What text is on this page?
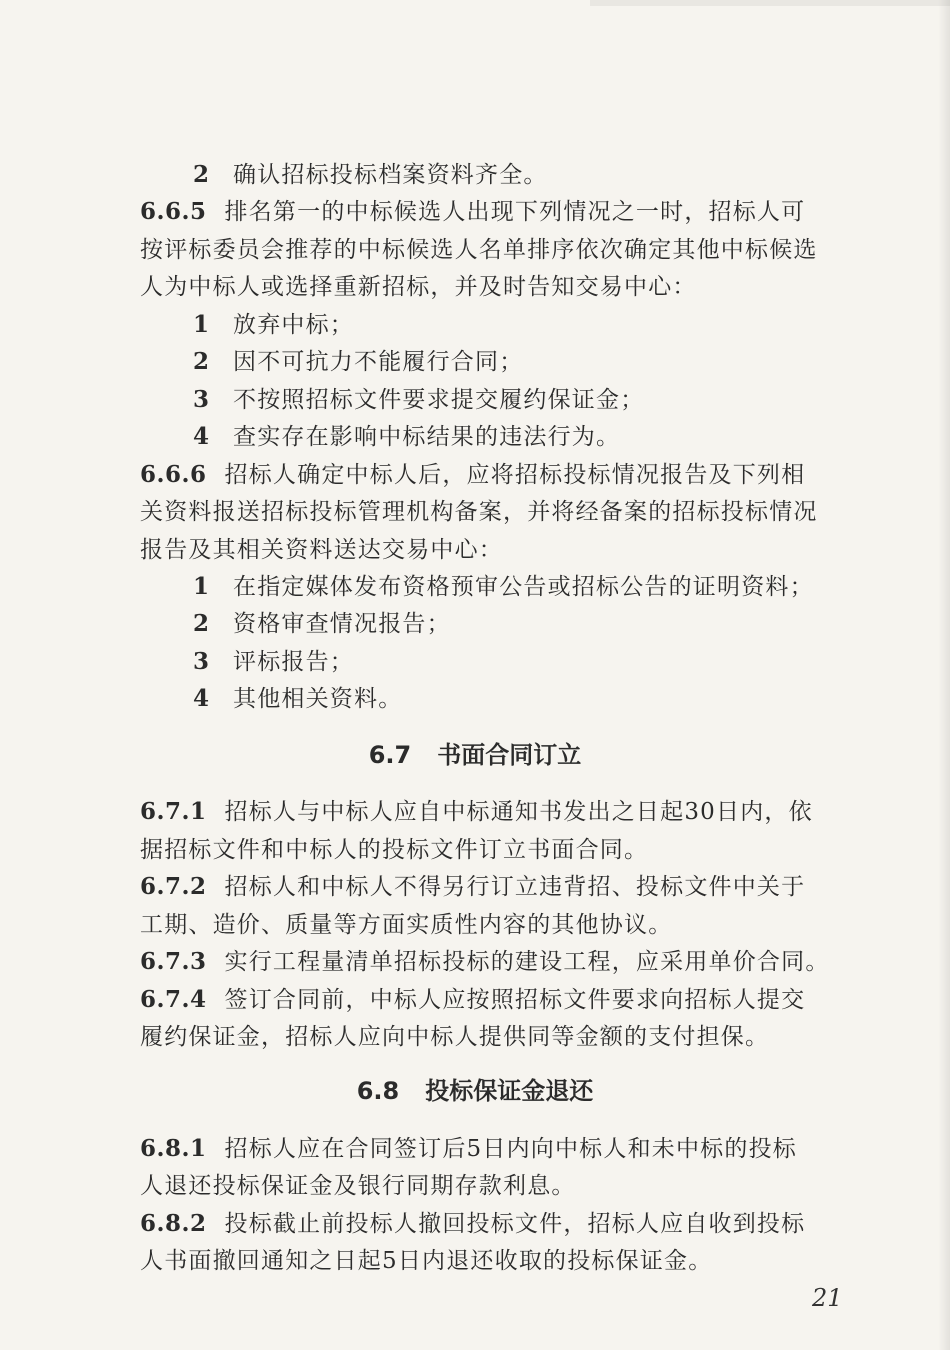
2 确认招标投标档案资料齐全。
6.6.5 排名第一的中标候选人出现下列情况之一时，招标人可
按评标委员会推荐的中标候选人名单排序依次确定其他中标候选
人为中标人或选择重新招标，并及时告知交易中心：
1 放弃中标；
2 因不可抗力不能履行合同；
3 不按照招标文件要求提交履约保证金；
4 查实存在影响中标结果的违法行为。
6.6.6 招标人确定中标人后，应将招标投标情况报告及下列相
关资料报送招标投标管理机构备案，并将经备案的招标投标情况
报告及其相关资料送达交易中心：
1 在指定媒体发布资格预审公告或招标公告的证明资料；
2 资格审查情况报告；
3 评标报告；
4 其他相关资料。
6.7 书面合同订立
6.7.1 招标人与中标人应自中标通知书发出之日起30日内，依
据招标文件和中标人的投标文件订立书面合同。
6.7.2 招标人和中标人不得另行订立违背招、投标文件中关于
工期、造价、质量等方面实质性内容的其他协议。
6.7.3 实行工程量清单招标投标的建设工程，应采用单价合同。
6.7.4 签订合同前，中标人应按照招标文件要求向招标人提交
履约保证金，招标人应向中标人提供同等金额的支付担保。
6.8 投标保证金退还
6.8.1 招标人应在合同签订后5日内向中标人和未中标的投标
人退还投标保证金及银行同期存款利息。
6.8.2 投标截止前投标人撤回投标文件，招标人应自收到投标
人书面撤回通知之日起5日内退还收取的投标保证金。
21
